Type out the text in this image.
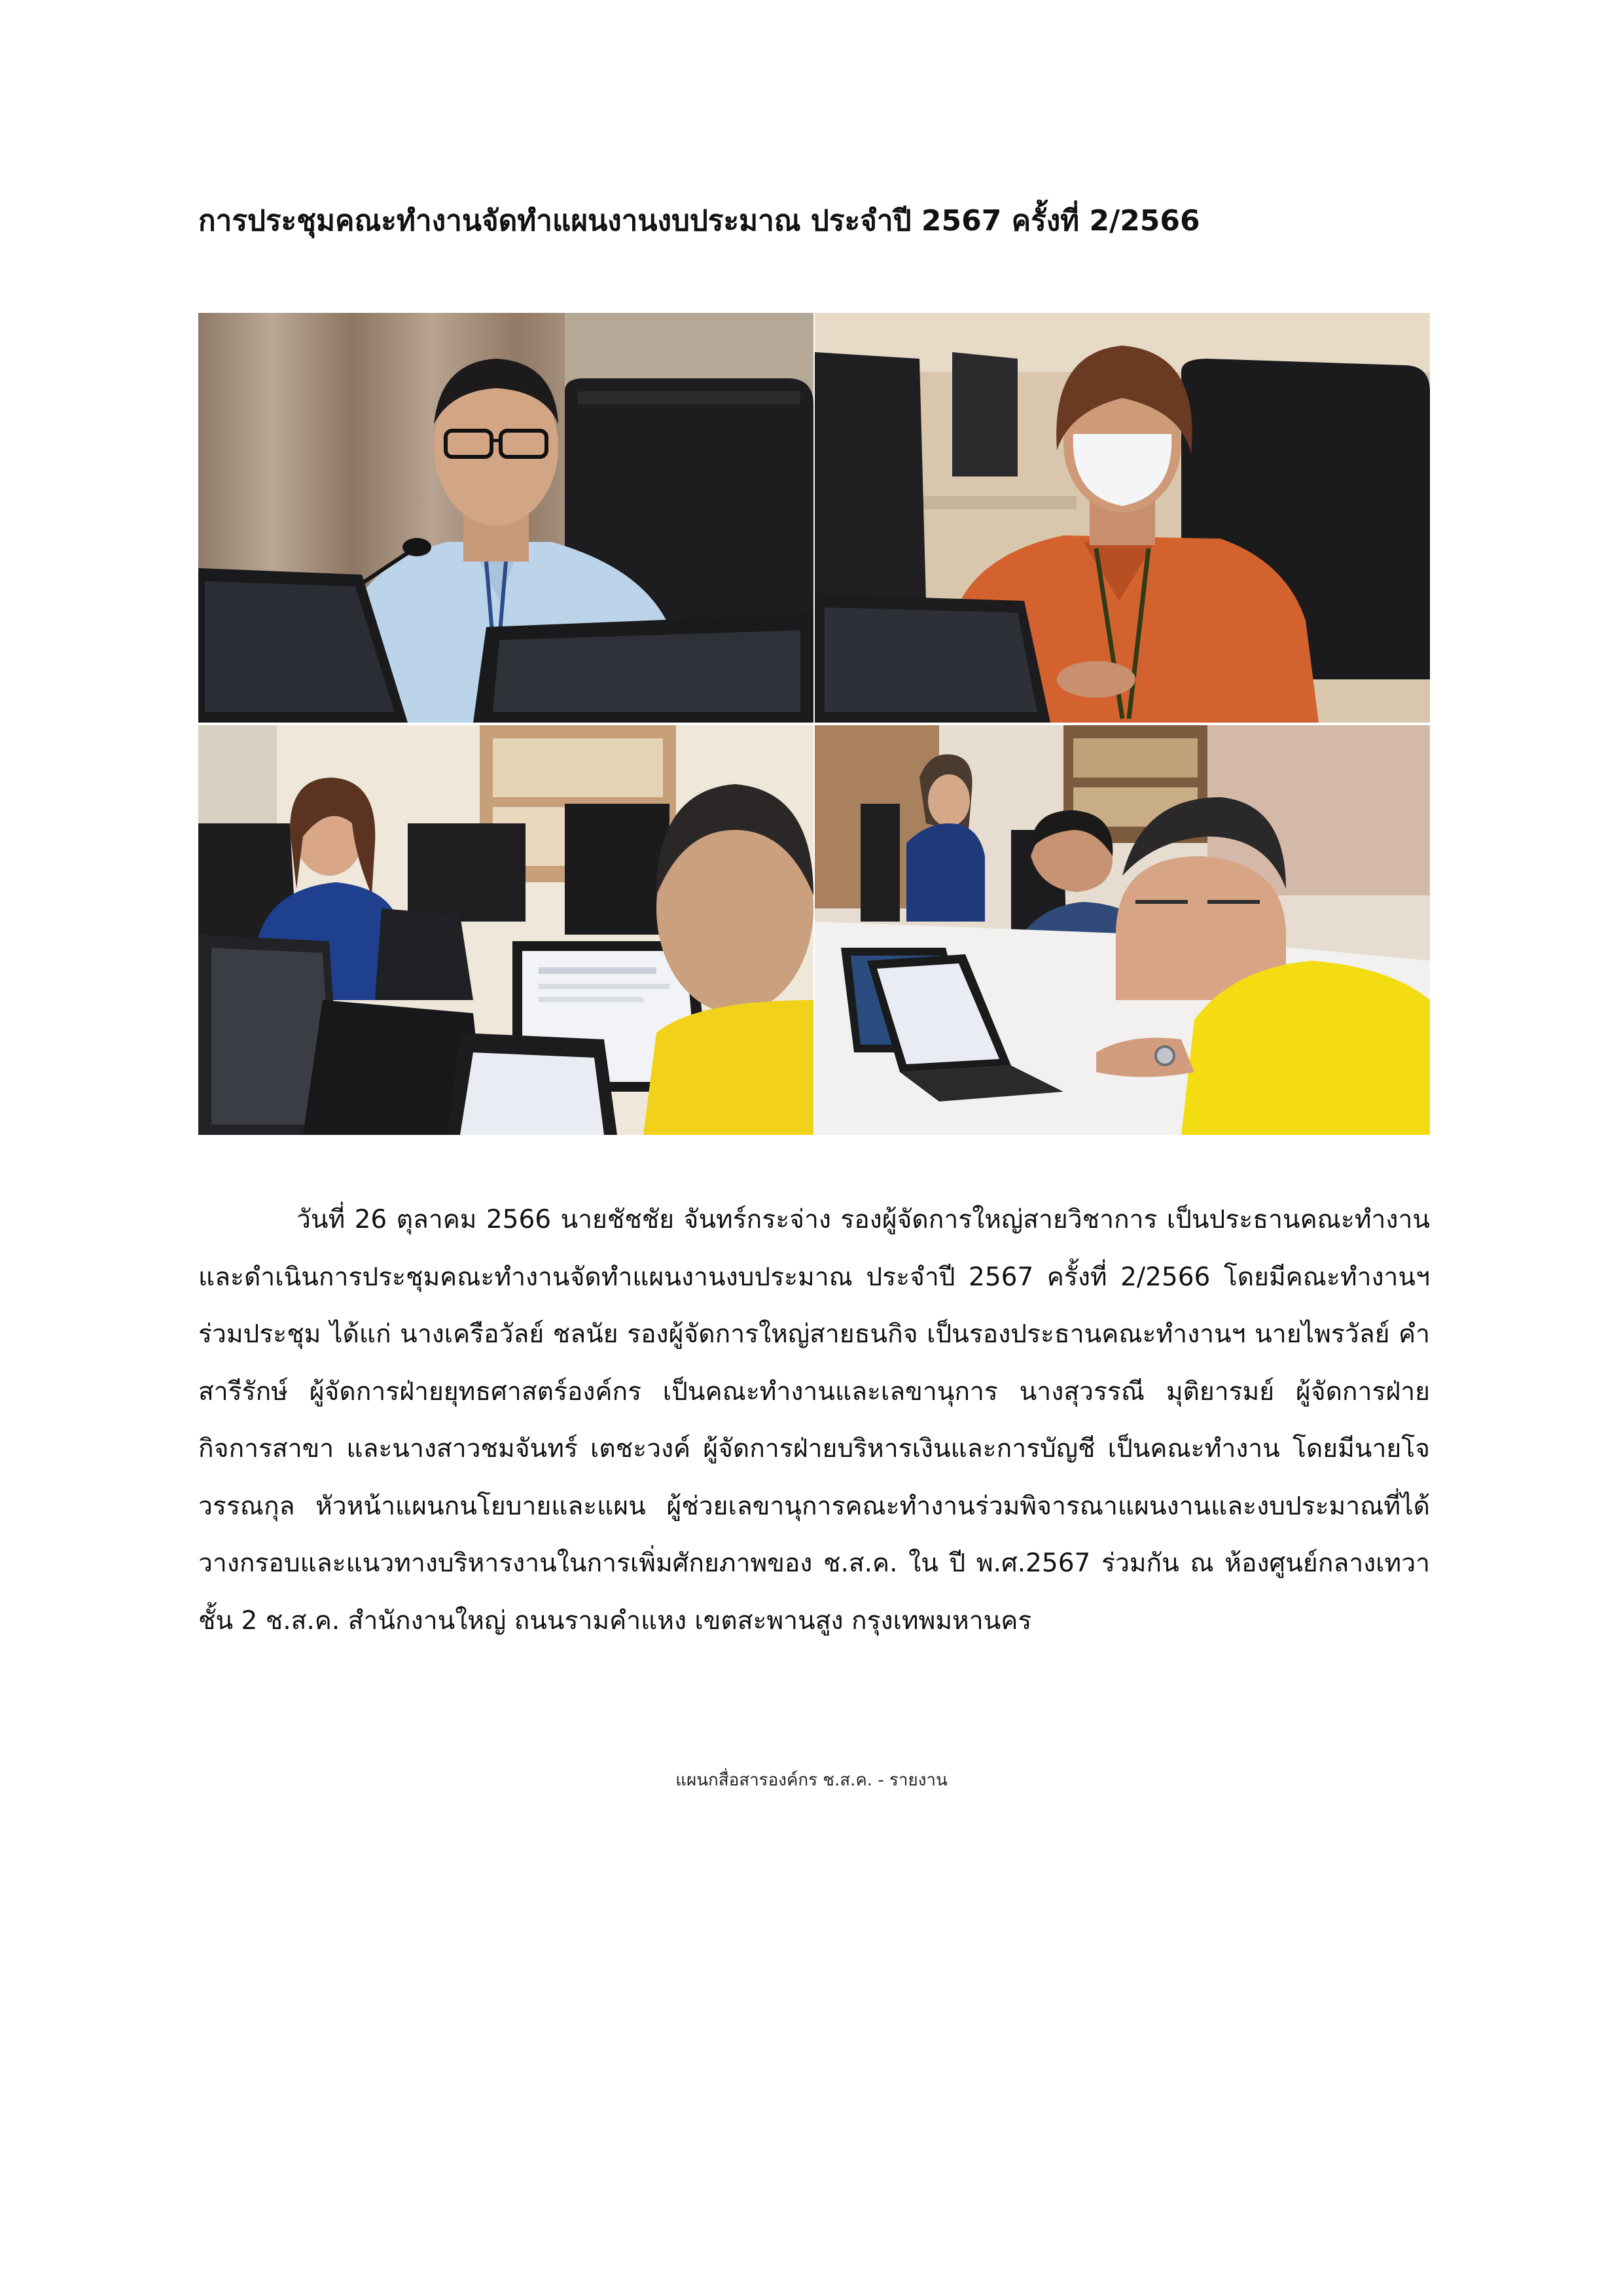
การประชุมคณะทำงานจัดทำแผนงานงบประมาณ ประจำปี 2567 ครั้งที่ 2/2566

วันที่ 26 ตุลาคม 2566 นายชัชชัย จันทร์กระจ่าง รองผู้จัดการใหญ่สายวิชาการ เป็นประธานคณะทำงานและดำเนินการประชุมคณะทำงานจัดทำแผนงานงบประมาณ ประจำปี 2567 ครั้งที่ 2/2566 โดยมีคณะทำงานฯ ร่วมประชุม ได้แก่ นางเครือวัลย์ ชลนัย รองผู้จัดการใหญ่สายธนกิจ เป็นรองประธานคณะทำงานฯ นายไพรวัลย์ คำสารีรักษ์ ผู้จัดการฝ่ายยุทธศาสตร์องค์กร เป็นคณะทำงานและเลขานุการ นางสุวรรณี มุติยารมย์ ผู้จัดการฝ่ายกิจการสาขา และนางสาวชมจันทร์ เตชะวงค์ ผู้จัดการฝ่ายบริหารเงินและการบัญชี เป็นคณะทำงาน โดยมีนายโจ วรรณกุล หัวหน้าแผนกนโยบายและแผน ผู้ช่วยเลขานุการคณะทำงานร่วมพิจารณาแผนงานและงบประมาณที่ได้วางกรอบและแนวทางบริหารงานในการเพิ่มศักยภาพของ ช.ส.ค. ใน ปี พ.ศ.2567 ร่วมกัน ณ ห้องศูนย์กลางเทวา ชั้น 2 ช.ส.ค. สำนักงานใหญ่ ถนนรามคำแหง เขตสะพานสูง กรุงเทพมหานคร

แผนกสื่อสารองค์กร ช.ส.ค. - รายงาน
